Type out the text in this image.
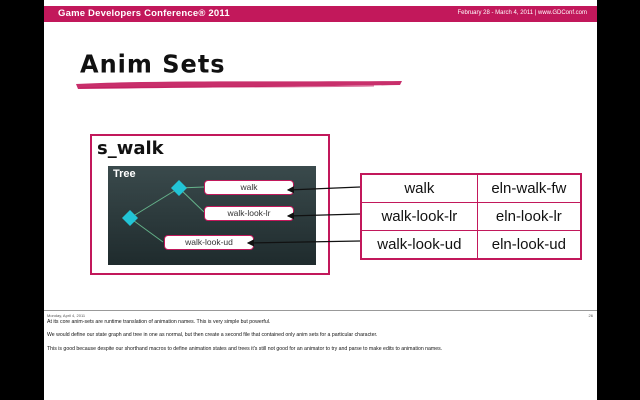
Game Developers Conference® 2011	February 28 - March 4, 2011 | www.GDConf.com
Anim Sets
s_walk
Tree
walk
walk-look-lr
walk-look-ud
walk	eln-walk-fw
walk-look-lr	eln-look-lr
walk-look-ud	eln-look-ud
Monday, April 4, 2011	26
At its core anim-sets are runtime translation of animation names. This is very simple but powerful.
We would define our state graph and tree in one as normal, but then create a second file that contained only anim sets for a particular character.
This is good because despite our shorthand macros to define animation states and trees it's still not good for an animator to try and parse to make edits to animation names.
